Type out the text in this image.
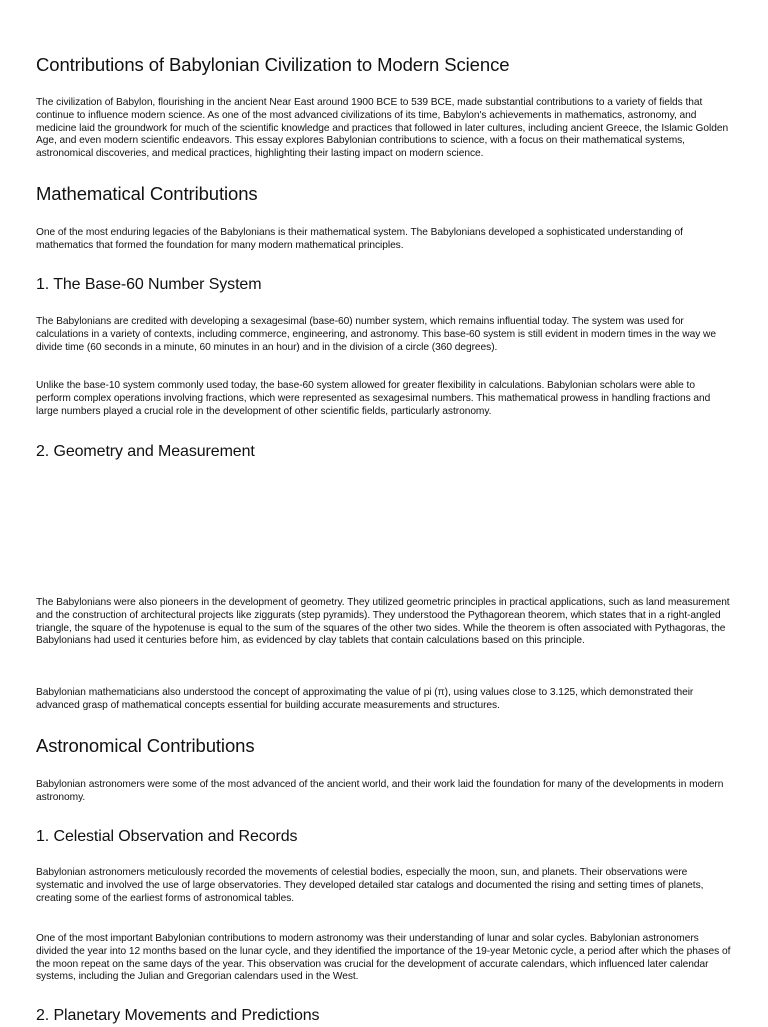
Contributions of Babylonian Civilization to Modern Science

The civilization of Babylon, flourishing in the ancient Near East around 1900 BCE to 539 BCE, made substantial contributions to a variety of fields that continue to influence modern science. As one of the most advanced civilizations of its time, Babylon's achievements in mathematics, astronomy, and medicine laid the groundwork for much of the scientific knowledge and practices that followed in later cultures, including ancient Greece, the Islamic Golden Age, and even modern scientific endeavors. This essay explores Babylonian contributions to science, with a focus on their mathematical systems, astronomical discoveries, and medical practices, highlighting their lasting impact on modern science.

Mathematical Contributions

One of the most enduring legacies of the Babylonians is their mathematical system. The Babylonians developed a sophisticated understanding of mathematics that formed the foundation for many modern mathematical principles.

1. The Base-60 Number System

The Babylonians are credited with developing a sexagesimal (base-60) number system, which remains influential today. The system was used for calculations in a variety of contexts, including commerce, engineering, and astronomy. This base-60 system is still evident in modern times in the way we divide time (60 seconds in a minute, 60 minutes in an hour) and in the division of a circle (360 degrees).

Unlike the base-10 system commonly used today, the base-60 system allowed for greater flexibility in calculations. Babylonian scholars were able to perform complex operations involving fractions, which were represented as sexagesimal numbers. This mathematical prowess in handling fractions and large numbers played a crucial role in the development of other scientific fields, particularly astronomy.

2. Geometry and Measurement

The Babylonians were also pioneers in the development of geometry. They utilized geometric principles in practical applications, such as land measurement and the construction of architectural projects like ziggurats (step pyramids). They understood the Pythagorean theorem, which states that in a right-angled triangle, the square of the hypotenuse is equal to the sum of the squares of the other two sides. While the theorem is often associated with Pythagoras, the Babylonians had used it centuries before him, as evidenced by clay tablets that contain calculations based on this principle.

Babylonian mathematicians also understood the concept of approximating the value of pi (π), using values close to 3.125, which demonstrated their advanced grasp of mathematical concepts essential for building accurate measurements and structures.

Astronomical Contributions

Babylonian astronomers were some of the most advanced of the ancient world, and their work laid the foundation for many of the developments in modern astronomy.

1. Celestial Observation and Records

Babylonian astronomers meticulously recorded the movements of celestial bodies, especially the moon, sun, and planets. Their observations were systematic and involved the use of large observatories. They developed detailed star catalogs and documented the rising and setting times of planets, creating some of the earliest forms of astronomical tables.

One of the most important Babylonian contributions to modern astronomy was their understanding of lunar and solar cycles. Babylonian astronomers divided the year into 12 months based on the lunar cycle, and they identified the importance of the 19-year Metonic cycle, a period after which the phases of the moon repeat on the same days of the year. This observation was crucial for the development of accurate calendars, which influenced later calendar systems, including the Julian and Gregorian calendars used in the West.

2. Planetary Movements and Predictions
